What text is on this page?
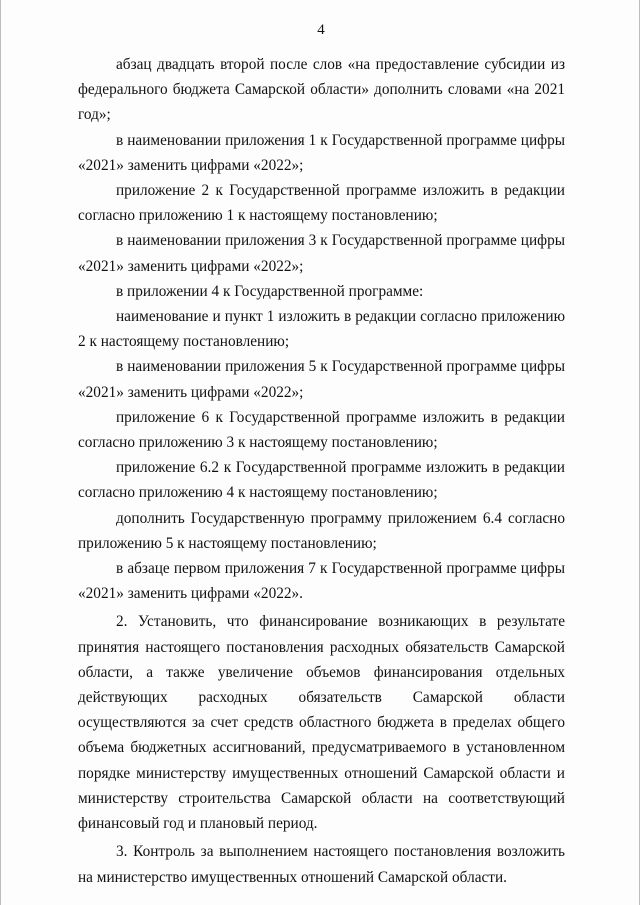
4

абзац двадцать второй после слов «на предоставление субсидии из федерального бюджета Самарской области» дополнить словами «на 2021 год»;

в наименовании приложения 1 к Государственной программе цифры «2021» заменить цифрами «2022»;

приложение 2 к Государственной программе изложить в редакции согласно приложению 1 к настоящему постановлению;

в наименовании приложения 3 к Государственной программе цифры «2021» заменить цифрами «2022»;

в приложении 4 к Государственной программе:

наименование и пункт 1 изложить в редакции согласно приложению 2 к настоящему постановлению;

в наименовании приложения 5 к Государственной программе цифры «2021» заменить цифрами «2022»;

приложение 6 к Государственной программе изложить в редакции согласно приложению 3 к настоящему постановлению;

приложение 6.2 к Государственной программе изложить в редакции согласно приложению 4 к настоящему постановлению;

дополнить Государственную программу приложением 6.4 согласно приложению 5 к настоящему постановлению;

в абзаце первом приложения 7 к Государственной программе цифры «2021» заменить цифрами «2022».

2. Установить, что финансирование возникающих в результате принятия настоящего постановления расходных обязательств Самарской области, а также увеличение объемов финансирования отдельных действующих расходных обязательств Самарской области осуществляются за счет средств областного бюджета в пределах общего объема бюджетных ассигнований, предусматриваемого в установленном порядке министерству имущественных отношений Самарской области и министерству строительства Самарской области на соответствующий финансовый год и плановый период.

3. Контроль за выполнением настоящего постановления возложить на министерство имущественных отношений Самарской области.
